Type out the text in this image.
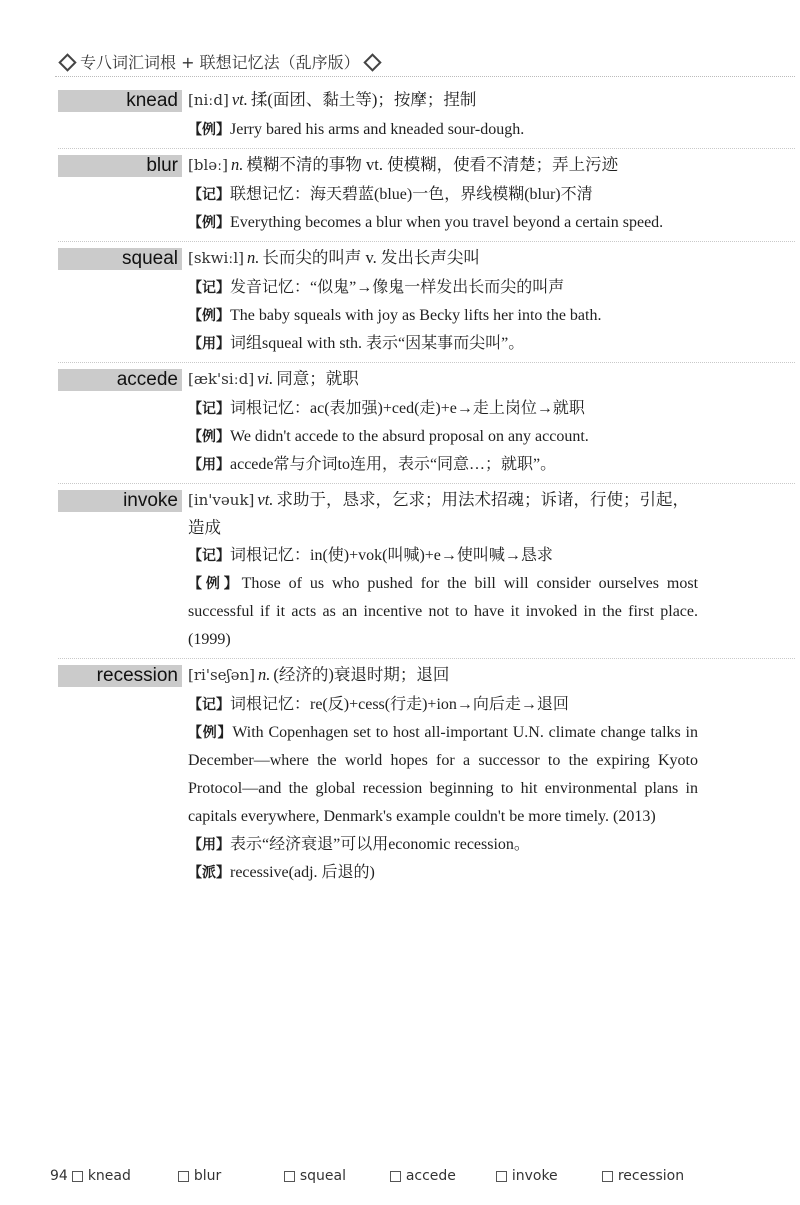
专八词汇词根 + 联想记忆法（乱序版）
knead [niːd] vt. 揉(面团、黏土等)；按摩；捏制
【例】Jerry bared his arms and kneaded sour-dough.
blur [bləː] n. 模糊不清的事物 vt. 使模糊，使看不清楚；弄上污迹
【记】联想记忆：海天碧蓝(blue)一色，界线模糊(blur)不清
【例】Everything becomes a blur when you travel beyond a certain speed.
squeal [skwiːl] n. 长而尖的叫声 v. 发出长声尖叫
【记】发音记忆：“似鬼”→像鬼一样发出长而尖的叫声
【例】The baby squeals with joy as Becky lifts her into the bath.
【用】词组squeal with sth. 表示“因某事而尖叫”。
accede [æk'siːd] vi. 同意；就职
【记】词根记忆：ac(表加强)+ced(走)+e→走上岗位→就职
【例】We didn't accede to the absurd proposal on any account.
【用】accede常与介词to连用，表示“同意…；就职”。
invoke [in'vəuk] vt. 求助于，恳求，乞求；用法术招魂；诉诸，行使；引起，造成
【记】词根记忆：in(使)+vok(叫喊)+e→使叫喊→恳求
【例】Those of us who pushed for the bill will consider ourselves most successful if it acts as an incentive not to have it invoked in the first place. (1999)
recession [ri'seʃən] n. (经济的)衰退时期；退回
【记】词根记忆：re(反)+cess(行走)+ion→向后走→退回
【例】With Copenhagen set to host all-important U.N. climate change talks in December—where the world hopes for a successor to the expiring Kyoto Protocol—and the global recession beginning to hit environmental plans in capitals everywhere, Denmark's example couldn't be more timely. (2013)
【用】表示“经济衰退”可以用economic recession。
【派】recessive(adj. 后退的)
94 knead	blur	squeal	accede	invoke	recession
